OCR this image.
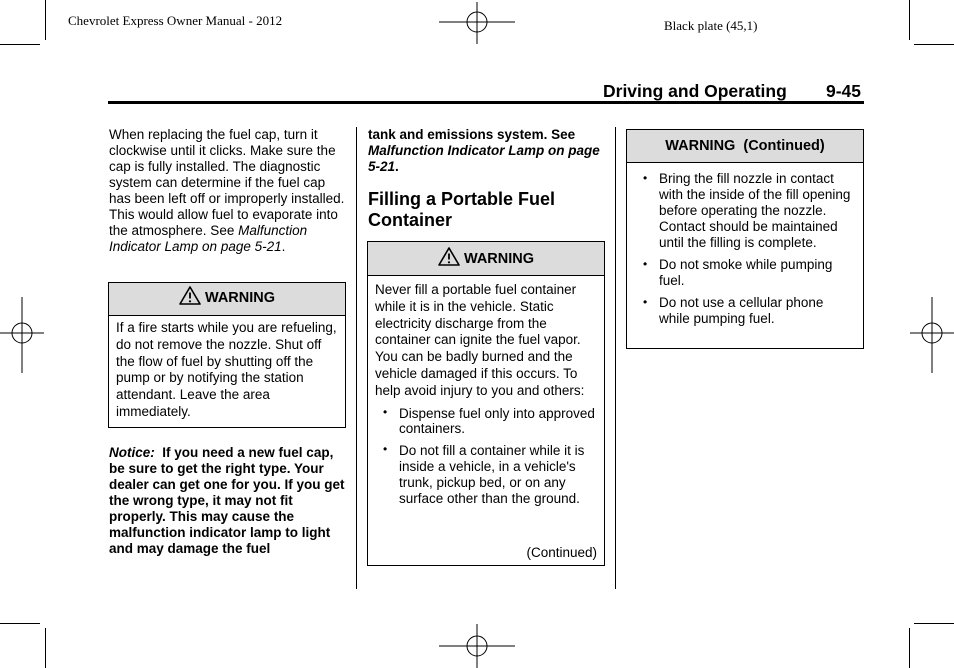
Chevrolet Express Owner Manual - 2012	Black plate (45,1)
Driving and Operating 9-45
When replacing the fuel cap, turn it clockwise until it clicks. Make sure the cap is fully installed. The diagnostic system can determine if the fuel cap has been left off or improperly installed. This would allow fuel to evaporate into the atmosphere. See Malfunction Indicator Lamp on page 5-21.
WARNING
If a fire starts while you are refueling, do not remove the nozzle. Shut off the flow of fuel by shutting off the pump or by notifying the station attendant. Leave the area immediately.
Notice: If you need a new fuel cap, be sure to get the right type. Your dealer can get one for you. If you get the wrong type, it may not fit properly. This may cause the malfunction indicator lamp to light and may damage the fuel
tank and emissions system. See Malfunction Indicator Lamp on page 5-21.
Filling a Portable Fuel Container
WARNING
Never fill a portable fuel container while it is in the vehicle. Static electricity discharge from the container can ignite the fuel vapor. You can be badly burned and the vehicle damaged if this occurs. To help avoid injury to you and others:
• Dispense fuel only into approved containers.
• Do not fill a container while it is inside a vehicle, in a vehicle's trunk, pickup bed, or on any surface other than the ground.
(Continued)
WARNING  (Continued)
• Bring the fill nozzle in contact with the inside of the fill opening before operating the nozzle. Contact should be maintained until the filling is complete.
• Do not smoke while pumping fuel.
• Do not use a cellular phone while pumping fuel.
